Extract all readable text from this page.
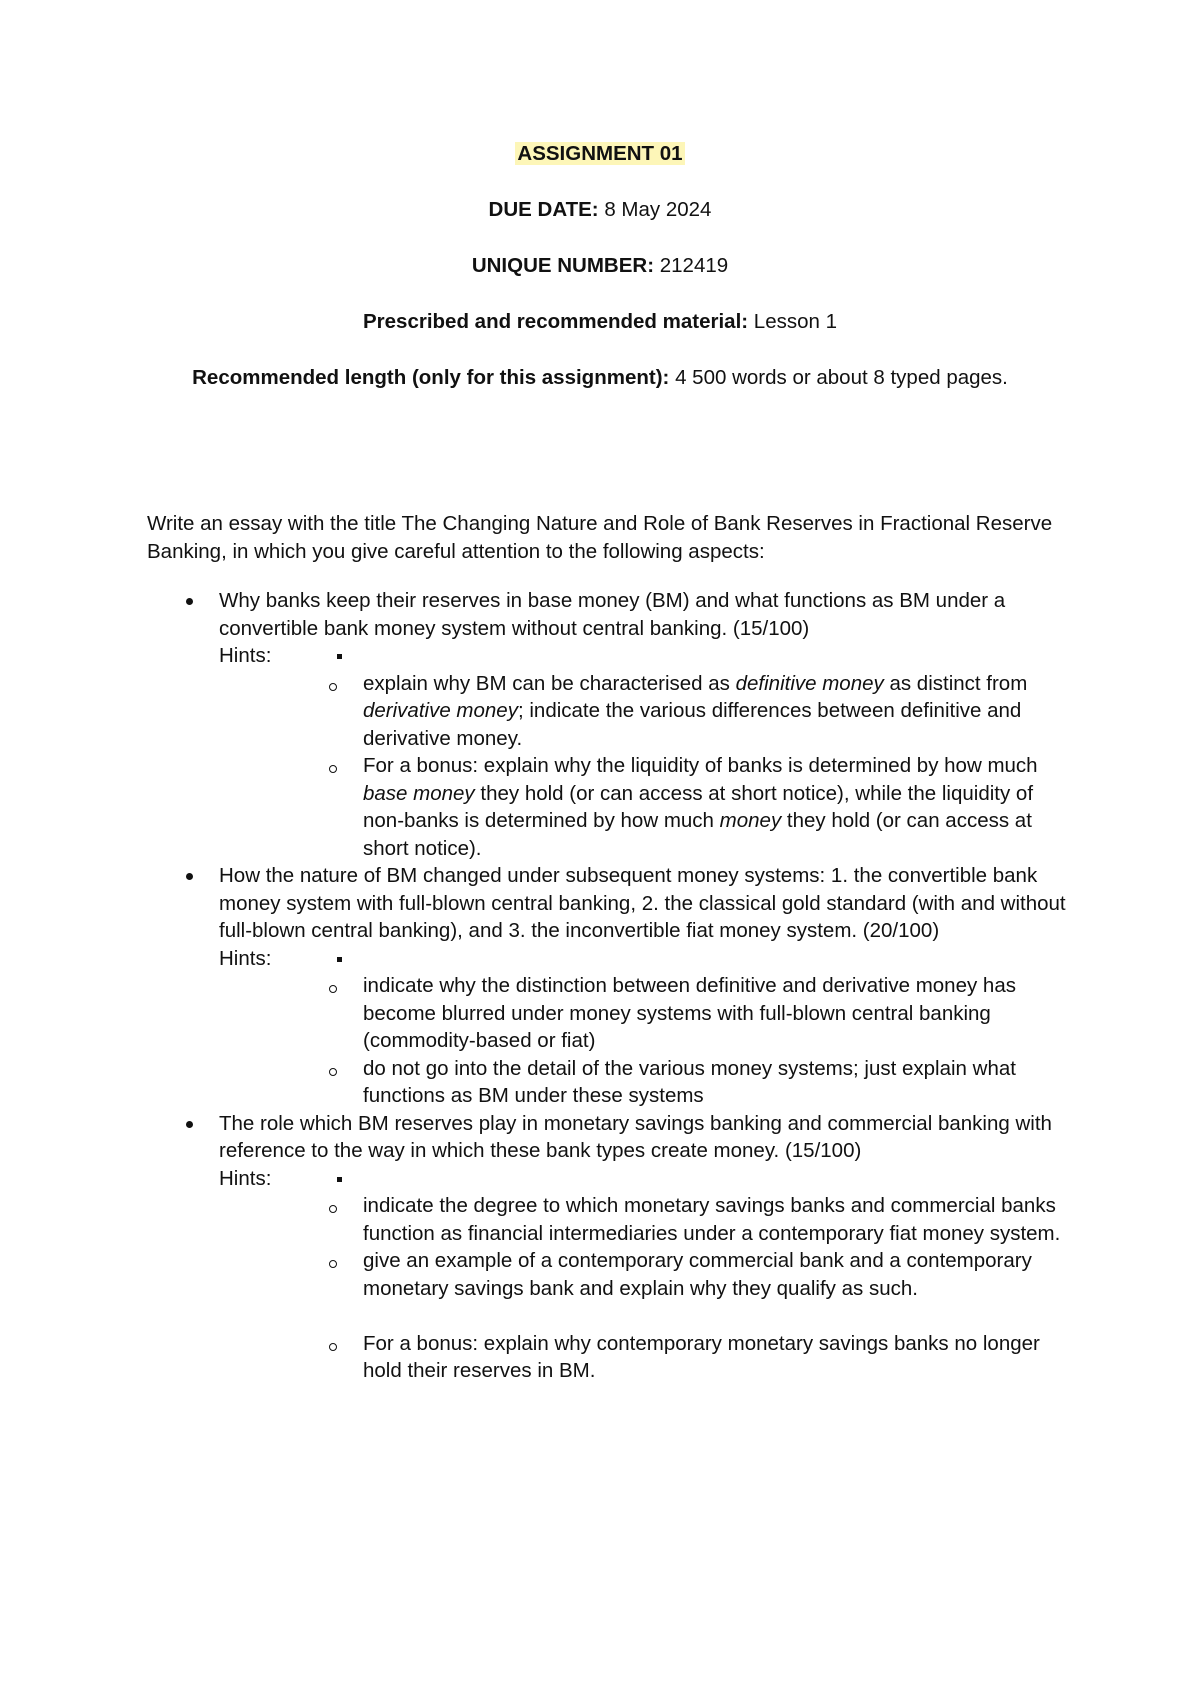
ASSIGNMENT 01

DUE DATE: 8 May 2024

UNIQUE NUMBER: 212419

Prescribed and recommended material: Lesson 1

Recommended length (only for this assignment): 4 500 words or about 8 typed pages.

Write an essay with the title The Changing Nature and Role of Bank Reserves in Fractional Reserve Banking, in which you give careful attention to the following aspects:

Why banks keep their reserves in base money (BM) and what functions as BM under a convertible bank money system without central banking. (15/100)
Hints:
explain why BM can be characterised as definitive money as distinct from derivative money; indicate the various differences between definitive and derivative money.
For a bonus: explain why the liquidity of banks is determined by how much base money they hold (or can access at short notice), while the liquidity of non-banks is determined by how much money they hold (or can access at short notice).
How the nature of BM changed under subsequent money systems: 1. the convertible bank money system with full-blown central banking, 2. the classical gold standard (with and without full-blown central banking), and 3. the inconvertible fiat money system. (20/100)
Hints:
indicate why the distinction between definitive and derivative money has become blurred under money systems with full-blown central banking (commodity-based or fiat)
do not go into the detail of the various money systems; just explain what functions as BM under these systems
The role which BM reserves play in monetary savings banking and commercial banking with reference to the way in which these bank types create money. (15/100)
Hints:
indicate the degree to which monetary savings banks and commercial banks function as financial intermediaries under a contemporary fiat money system.
give an example of a contemporary commercial bank and a contemporary monetary savings bank and explain why they qualify as such.
For a bonus: explain why contemporary monetary savings banks no longer hold their reserves in BM.
